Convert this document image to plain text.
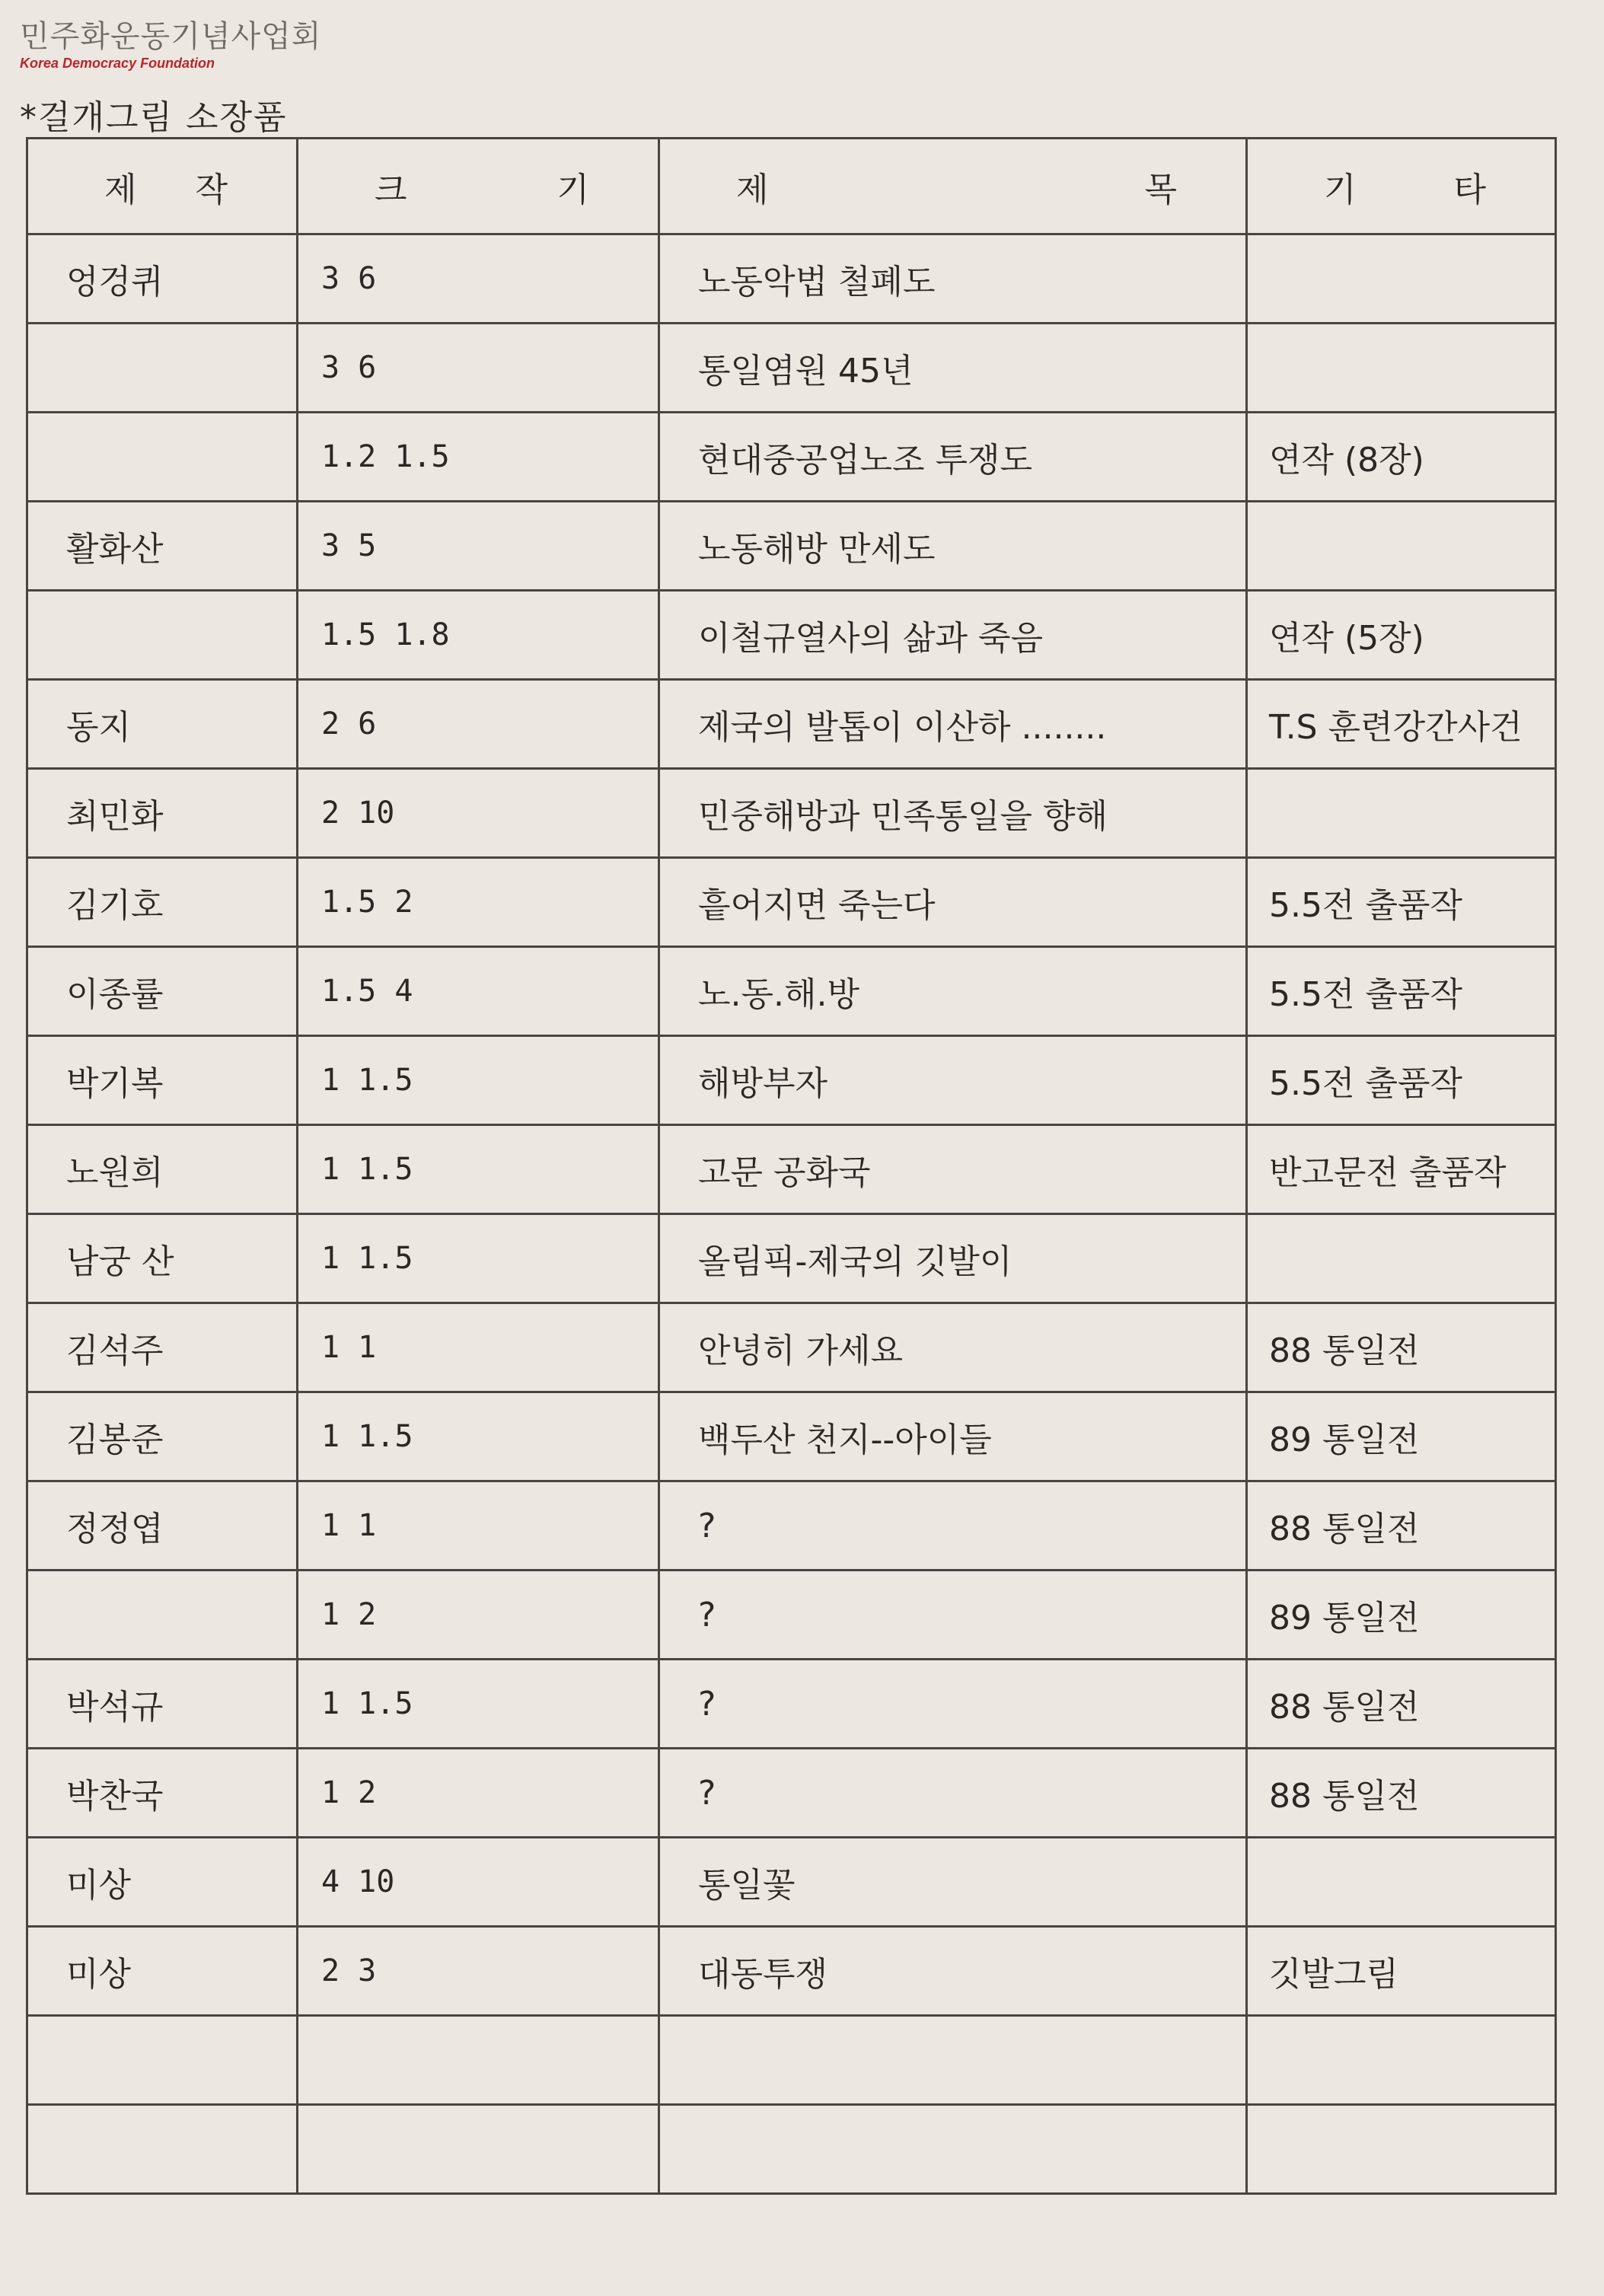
민주화운동기념사업회
Korea Democracy Foundation
*걸개그림 소장품
제 작	크 기	제 목	기 타

엉겅퀴	3 6	노동악법 철폐도	
	3 6	통일염원 45년	
	1.2 1.5	현대중공업노조 투쟁도	연작 (8장)
활화산	3 5	노동해방 만세도	
	1.5 1.8	이철규열사의 삶과 죽음	연작 (5장)
동지	2 6	제국의 발톱이 이산하 ........	T.S 훈련강간사건
최민화	2 10	민중해방과 민족통일을 향해	
김기호	1.5 2	흩어지면 죽는다	5.5전 출품작
이종률	1.5 4	노.동.해.방	5.5전 출품작
박기복	1 1.5	해방부자	5.5전 출품작
노원희	1 1.5	고문 공화국	반고문전 출품작
남궁 산	1 1.5	올림픽-제국의 깃발이	
김석주	1 1	안녕히 가세요	88 통일전
김봉준	1 1.5	백두산 천지--아이들	89 통일전
정정엽	1 1	?	88 통일전
	1 2	?	89 통일전
박석규	1 1.5	?	88 통일전
박찬국	1 2	?	88 통일전
미상	4 10	통일꽃	
미상	2 3	대동투쟁	깃발그림
